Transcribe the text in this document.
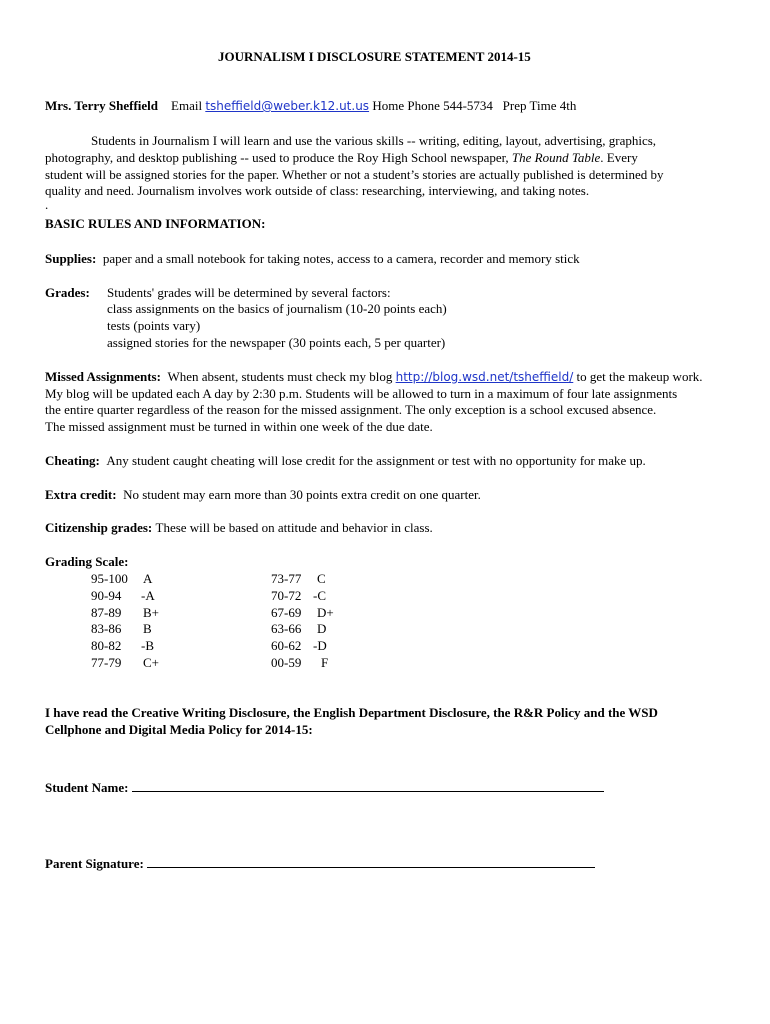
JOURNALISM I DISCLOSURE STATEMENT 2014-15
Mrs. Terry Sheffield Email tsheffield@weber.k12.ut.us Home Phone 544-5734 Prep Time 4th
Students in Journalism I will learn and use the various skills -- writing, editing, layout, advertising, graphics,
photography, and desktop publishing -- used to produce the Roy High School newspaper, The Round Table. Every
student will be assigned stories for the paper. Whether or not a student’s stories are actually published is determined by
quality and need. Journalism involves work outside of class: researching, interviewing, and taking notes.
.
BASIC RULES AND INFORMATION:
Supplies: paper and a small notebook for taking notes, access to a camera, recorder and memory stick
Grades: Students' grades will be determined by several factors:
class assignments on the basics of journalism (10-20 points each)
tests (points vary)
assigned stories for the newspaper (30 points each, 5 per quarter)
Missed Assignments: When absent, students must check my blog http://blog.wsd.net/tsheffield/ to get the makeup work.
My blog will be updated each A day by 2:30 p.m. Students will be allowed to turn in a maximum of four late assignments
the entire quarter regardless of the reason for the missed assignment. The only exception is a school excused absence.
The missed assignment must be turned in within one week of the due date.
Cheating: Any student caught cheating will lose credit for the assignment or test with no opportunity for make up.
Extra credit: No student may earn more than 30 points extra credit on one quarter.
Citizenship grades: These will be based on attitude and behavior in class.
Grading Scale:
95-100 A
90-94 -A
87-89 B+
83-86 B
80-82 -B
77-79 C+
73-77 C
70-72 -C
67-69 D+
63-66 D
60-62 -D
00-59 F
I have read the Creative Writing Disclosure, the English Department Disclosure, the R&R Policy and the WSD
Cellphone and Digital Media Policy for 2014-15:
Student Name:
Parent Signature:
